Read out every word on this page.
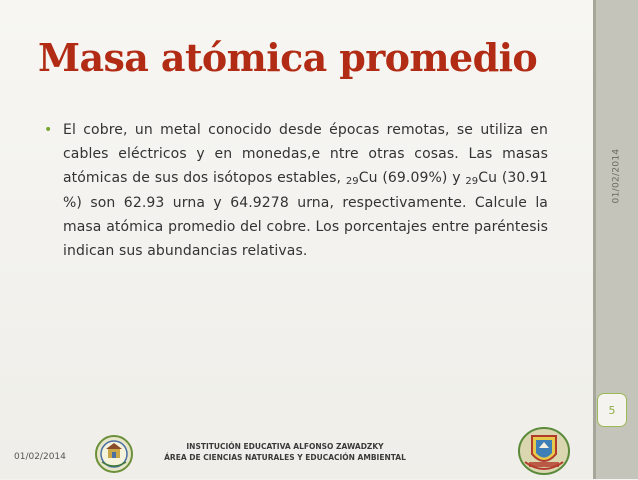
Masa atómica promedio
• El cobre, un metal conocido desde épocas remotas, se utiliza en cables eléctricos y en monedas,e ntre otras cosas. Las masas atómicas de sus dos isótopos estables, $_{29}$Cu (69.09%) y $_{29}$Cu (30.91 %) son 62.93 urna y 64.9278 urna, respectivamente. Calcule la masa atómica promedio del cobre. Los porcentajes entre paréntesis indican sus abundancias relativas.

01/02/2014
5
01/02/2014
INSTITUCIÓN EDUCATIVA ALFONSO ZAWADZKY
ÁREA DE CIENCIAS NATURALES Y EDUCACIÓN AMBIENTAL
